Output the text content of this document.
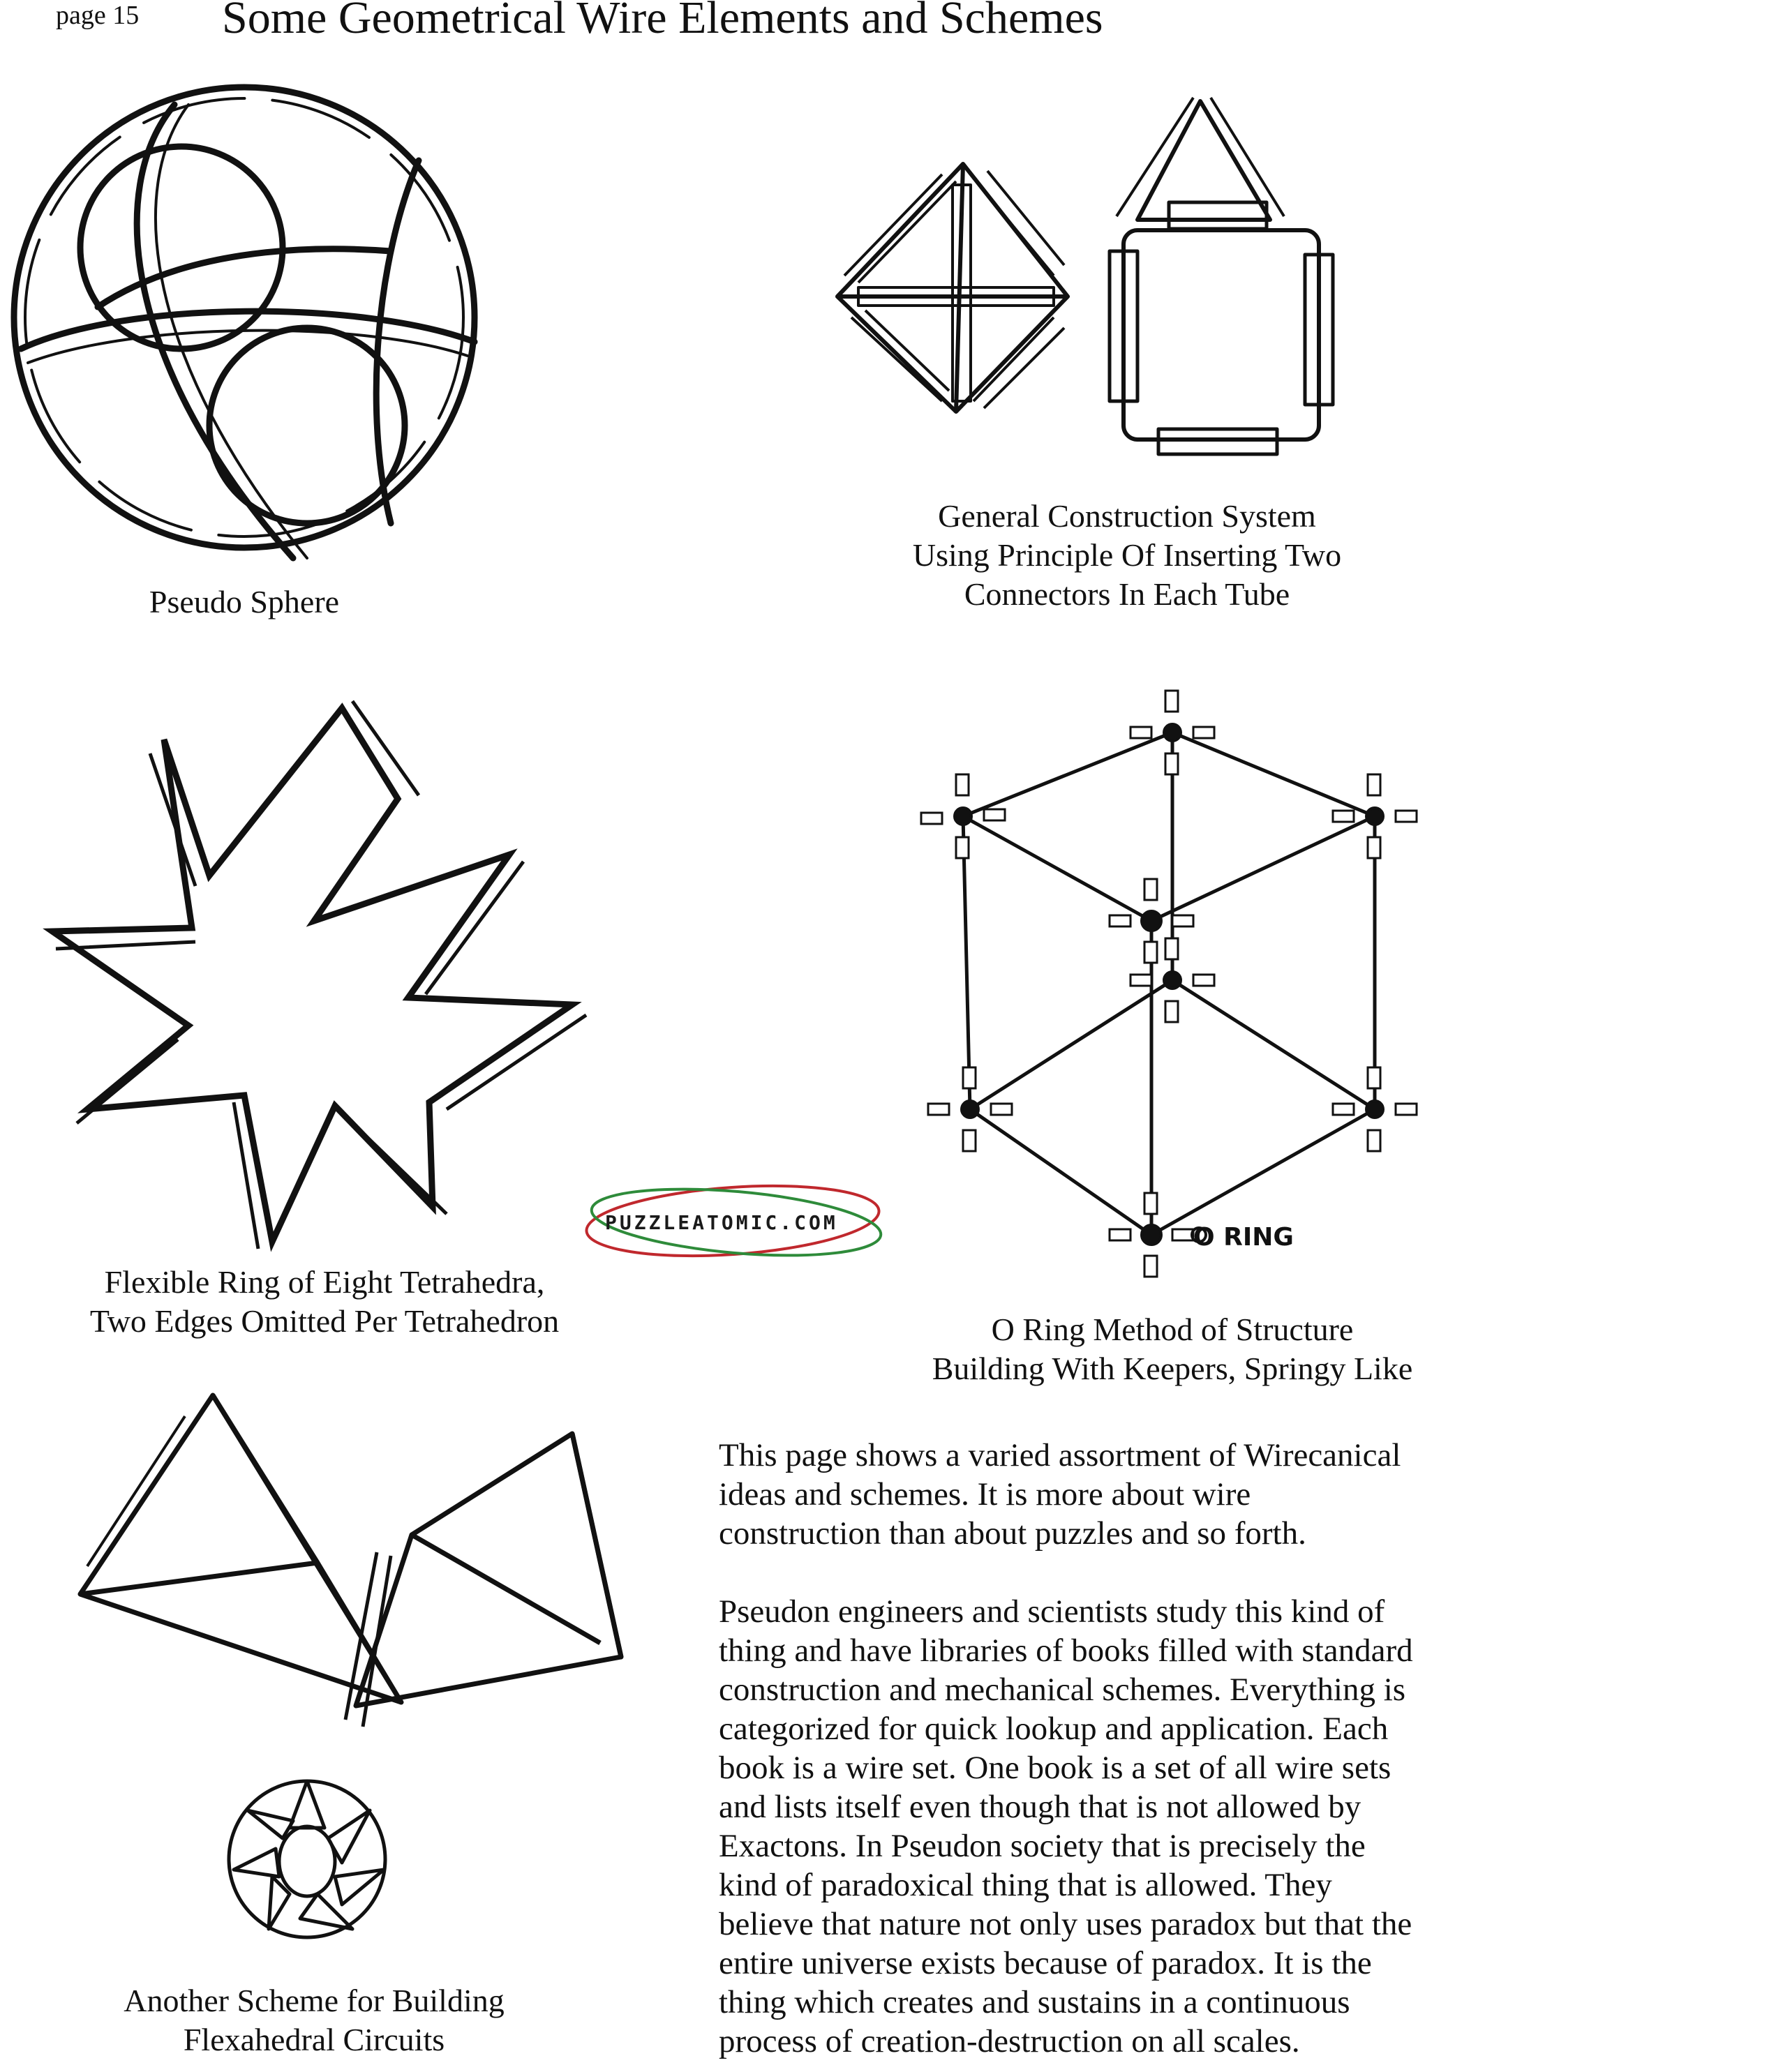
page 15 Some Geometrical Wire Elements and Schemes
Pseudo Sphere
General Construction System
Using Principle Of Inserting Two
Connectors In Each Tube
Flexible Ring of Eight Tetrahedra,
Two Edges Omitted Per Tetrahedron
PUZZLEATOMIC.COM
O RING
O Ring Method of Structure
Building With Keepers, Springy Like
Another Scheme for Building
Flexahedral Circuits
This page shows a varied assortment of Wirecanical
ideas and schemes. It is more about wire
construction than about puzzles and so forth.
Pseudon engineers and scientists study this kind of
thing and have libraries of books filled with standard
construction and mechanical schemes. Everything is
categorized for quick lookup and application. Each
book is a wire set. One book is a set of all wire sets
and lists itself even though that is not allowed by
Exactons. In Pseudon society that is precisely the
kind of paradoxical thing that is allowed. They
believe that nature not only uses paradox but that the
entire universe exists because of paradox. It is the
thing which creates and sustains in a continuous
process of creation-destruction on all scales.
